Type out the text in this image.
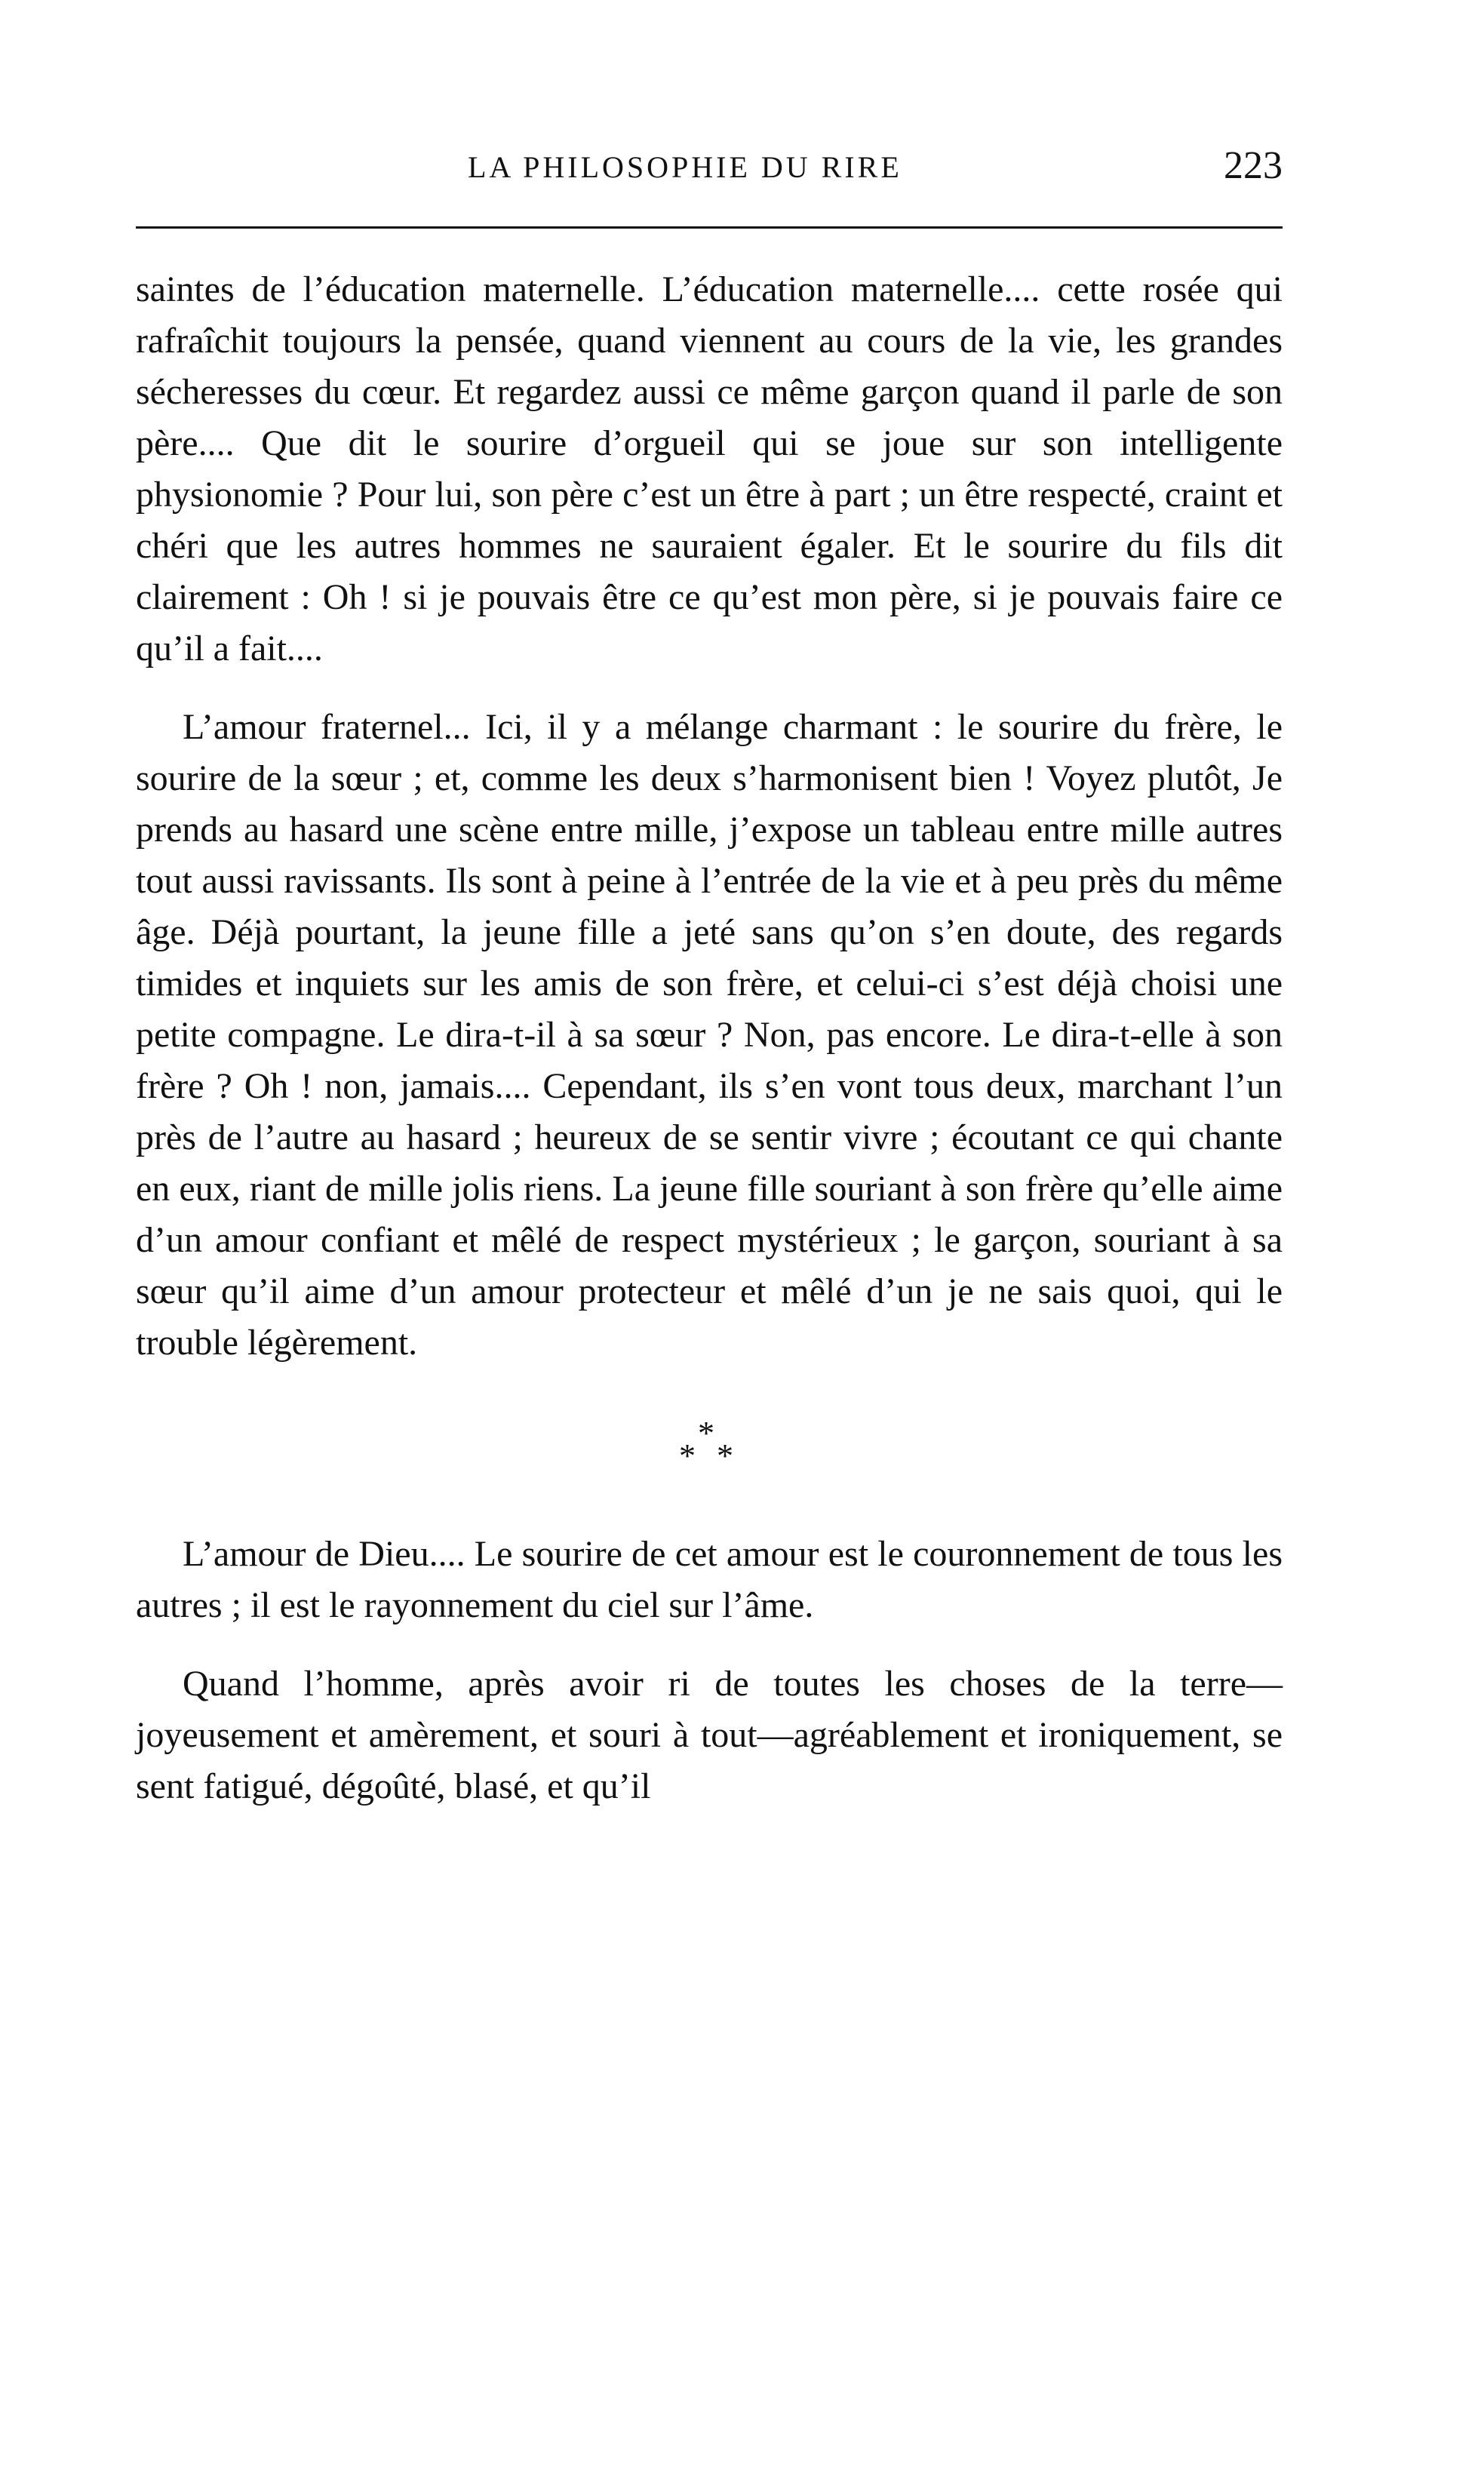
LA PHILOSOPHIE DU RIRE	223

saintes de l’éducation maternelle. L’éducation maternelle.... cette rosée qui rafraîchit toujours la pensée, quand viennent au cours de la vie, les grandes sécheresses du cœur. Et regardez aussi ce même garçon quand il parle de son père.... Que dit le sourire d’orgueil qui se joue sur son intelligente physionomie ? Pour lui, son père c’est un être à part ; un être respecté, craint et chéri que les autres hommes ne sauraient égaler. Et le sourire du fils dit clairement : Oh ! si je pouvais être ce qu’est mon père, si je pouvais faire ce qu’il a fait....

L’amour fraternel... Ici, il y a mélange charmant : le sourire du frère, le sourire de la sœur ; et, comme les deux s’harmonisent bien ! Voyez plutôt, Je prends au hasard une scène entre mille, j’expose un tableau entre mille autres tout aussi ravissants. Ils sont à peine à l’entrée de la vie et à peu près du même âge. Déjà pourtant, la jeune fille a jeté sans qu’on s’en doute, des regards timides et inquiets sur les amis de son frère, et celui-ci s’est déjà choisi une petite compagne. Le dira-t-il à sa sœur ? Non, pas encore. Le dira-t-elle à son frère ? Oh ! non, jamais.... Cependant, ils s’en vont tous deux, marchant l’un près de l’autre au hasard ; heureux de se sentir vivre ; écoutant ce qui chante en eux, riant de mille jolis riens. La jeune fille souriant à son frère qu’elle aime d’un amour confiant et mêlé de respect mystérieux ; le garçon, souriant à sa sœur qu’il aime d’un amour protecteur et mêlé d’un je ne sais quoi, qui le trouble légèrement.

*
* *

L’amour de Dieu.... Le sourire de cet amour est le couronnement de tous les autres ; il est le rayonnement du ciel sur l’âme.

Quand l’homme, après avoir ri de toutes les choses de la terre—joyeusement et amèrement, et souri à tout—agréablement et ironiquement, se sent fatigué, dégoûté, blasé, et qu’il
